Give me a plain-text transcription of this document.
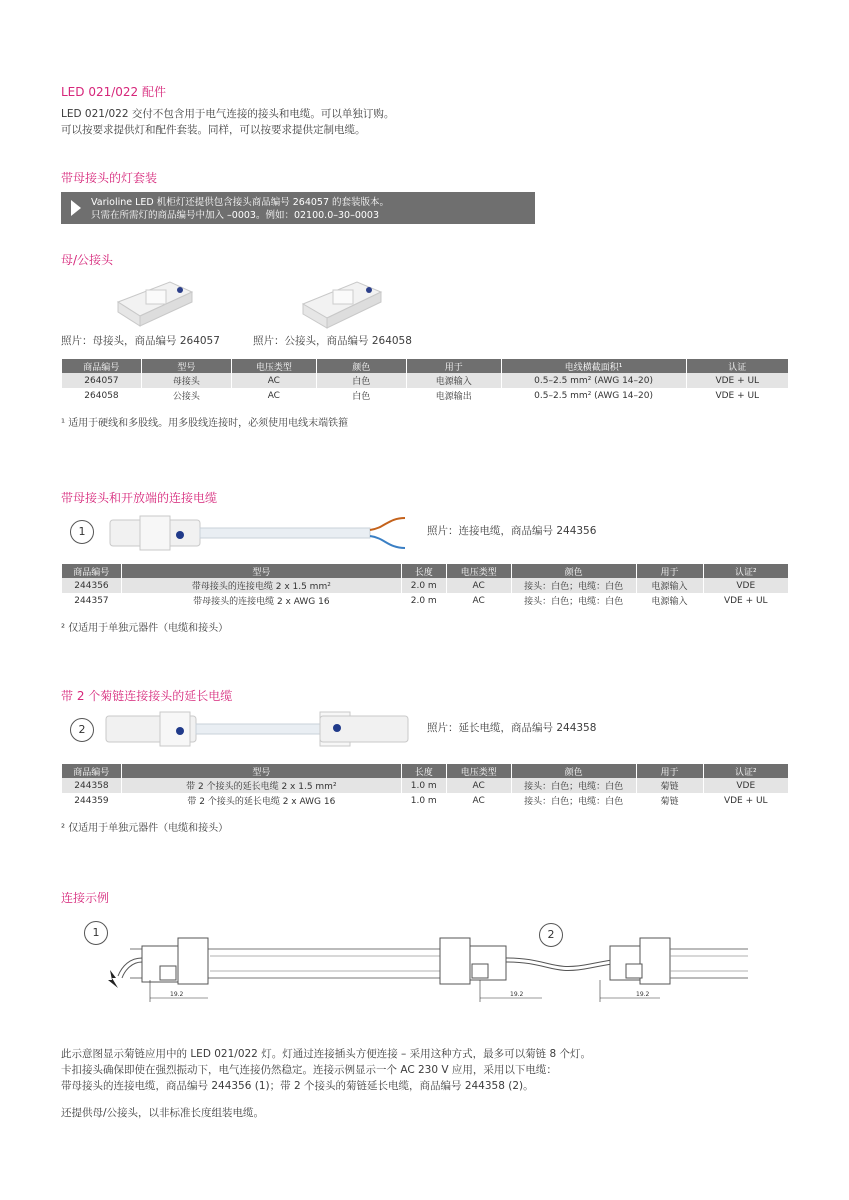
LED 021/022 配件
LED 021/022 交付不包含用于电气连接的接头和电缆。可以单独订购。
可以按要求提供灯和配件套装。同样，可以按要求提供定制电缆。
带母接头的灯套装
Varioline LED 机柜灯还提供包含接头商品编号 264057 的套装版本。
只需在所需灯的商品编号中加入 –0003。例如：02100.0–30–0003
母/公接头
照片：母接头，商品编号 264057	照片：公接头，商品编号 264058
商品编号	型号	电压类型	颜色	用于	电线横截面积¹	认证
264057	母接头	AC	白色	电源输入	0.5–2.5 mm² (AWG 14–20)	VDE + UL
264058	公接头	AC	白色	电源输出	0.5–2.5 mm² (AWG 14–20)	VDE + UL
¹ 适用于硬线和多股线。用多股线连接时，必须使用电线末端铁箍
带母接头和开放端的连接电缆
1	照片：连接电缆，商品编号 244356
商品编号	型号	长度	电压类型	颜色	用于	认证²
244356	带母接头的连接电缆 2 x 1.5 mm²	2.0 m	AC	接头：白色；电缆：白色	电源输入	VDE
244357	带母接头的连接电缆 2 x AWG 16	2.0 m	AC	接头：白色；电缆：白色	电源输入	VDE + UL
² 仅适用于单独元器件（电缆和接头）
带 2 个菊链连接接头的延长电缆
2	照片：延长电缆，商品编号 244358
商品编号	型号	长度	电压类型	颜色	用于	认证²
244358	带 2 个接头的延长电缆 2 x 1.5 mm²	1.0 m	AC	接头：白色；电缆：白色	菊链	VDE
244359	带 2 个接头的延长电缆 2 x AWG 16	1.0 m	AC	接头：白色；电缆：白色	菊链	VDE + UL
² 仅适用于单独元器件（电缆和接头）
连接示例
19.2	19.2	19.2
1	2
此示意图显示菊链应用中的 LED 021/022 灯。灯通过连接插头方便连接 – 采用这种方式，最多可以菊链 8 个灯。
卡扣接头确保即使在强烈振动下，电气连接仍然稳定。连接示例显示一个 AC 230 V 应用，采用以下电缆：
带母接头的连接电缆，商品编号 244356 (1)；带 2 个接头的菊链延长电缆，商品编号 244358 (2)。
还提供母/公接头，以非标准长度组装电缆。
